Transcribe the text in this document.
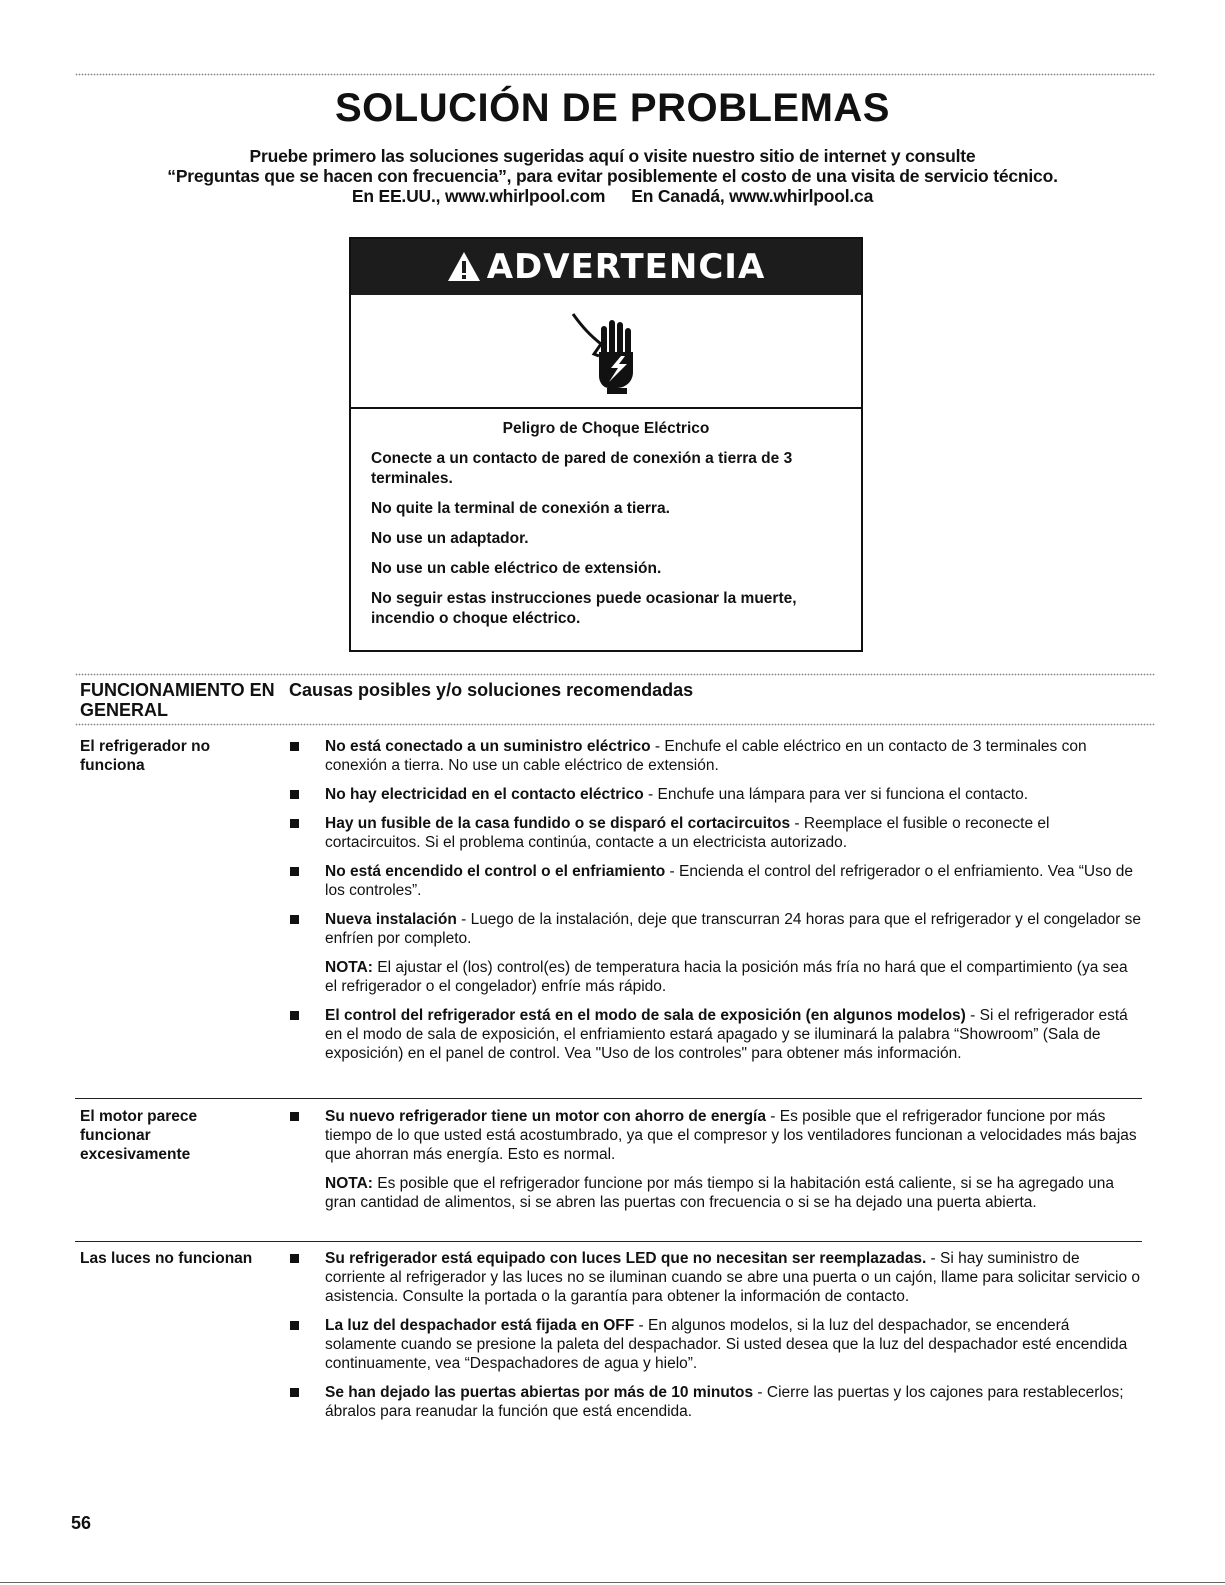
SOLUCIÓN DE PROBLEMAS
Pruebe primero las soluciones sugeridas aquí o visite nuestro sitio de internet y consulte
“Preguntas que se hacen con frecuencia”, para evitar posiblemente el costo de una visita de servicio técnico.
En EE.UU., www.whirlpool.com En Canadá, www.whirlpool.ca
ADVERTENCIA

Peligro de Choque Eléctrico

Conecte a un contacto de pared de conexión a tierra de 3 terminales.

No quite la terminal de conexión a tierra.

No use un adaptador.

No use un cable eléctrico de extensión.

No seguir estas instrucciones puede ocasionar la muerte, incendio o choque eléctrico.

FUNCIONAMIENTO EN GENERAL
Causas posibles y/o soluciones recomendadas
El refrigerador no funciona
No está conectado a un suministro eléctrico - Enchufe el cable eléctrico en un contacto de 3 terminales con conexión a tierra. No use un cable eléctrico de extensión.
No hay electricidad en el contacto eléctrico - Enchufe una lámpara para ver si funciona el contacto.
Hay un fusible de la casa fundido o se disparó el cortacircuitos - Reemplace el fusible o reconecte el cortacircuitos. Si el problema continúa, contacte a un electricista autorizado.
No está encendido el control o el enfriamiento - Encienda el control del refrigerador o el enfriamiento. Vea “Uso de los controles”.
Nueva instalación - Luego de la instalación, deje que transcurran 24 horas para que el refrigerador y el congelador se enfríen por completo.
NOTA: El ajustar el (los) control(es) de temperatura hacia la posición más fría no hará que el compartimiento (ya sea el refrigerador o el congelador) enfríe más rápido.
El control del refrigerador está en el modo de sala de exposición (en algunos modelos) - Si el refrigerador está en el modo de sala de exposición, el enfriamiento estará apagado y se iluminará la palabra “Showroom” (Sala de exposición) en el panel de control. Vea "Uso de los controles" para obtener más información.
El motor parece funcionar excesivamente
Su nuevo refrigerador tiene un motor con ahorro de energía - Es posible que el refrigerador funcione por más tiempo de lo que usted está acostumbrado, ya que el compresor y los ventiladores funcionan a velocidades más bajas que ahorran más energía. Esto es normal.
NOTA: Es posible que el refrigerador funcione por más tiempo si la habitación está caliente, si se ha agregado una gran cantidad de alimentos, si se abren las puertas con frecuencia o si se ha dejado una puerta abierta.
Las luces no funcionan	Su refrigerador está equipado con luces LED que no necesitan ser reemplazadas. - Si hay suministro de corriente al refrigerador y las luces no se iluminan cuando se abre una puerta o un cajón, llame para solicitar servicio o asistencia. Consulte la portada o la garantía para obtener la información de contacto.
La luz del despachador está fijada en OFF - En algunos modelos, si la luz del despachador, se encenderá solamente cuando se presione la paleta del despachador. Si usted desea que la luz del despachador esté encendida continuamente, vea “Despachadores de agua y hielo”.
Se han dejado las puertas abiertas por más de 10 minutos - Cierre las puertas y los cajones para restablecerlos; ábralos para reanudar la función que está encendida.
56
